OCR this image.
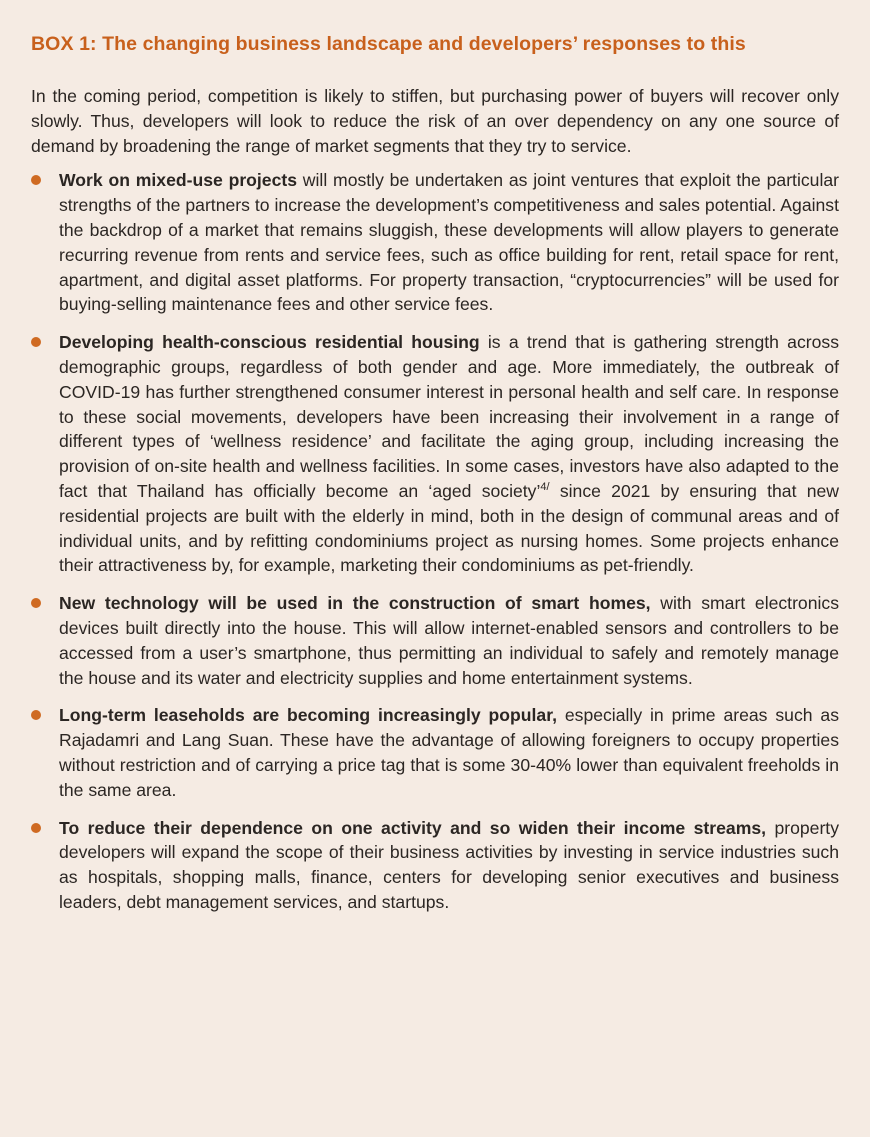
BOX 1: The changing business landscape and developers’ responses to this

In the coming period, competition is likely to stiffen, but purchasing power of buyers will recover only slowly. Thus, developers will look to reduce the risk of an over dependency on any one source of demand by broadening the range of market segments that they try to service.

Work on mixed-use projects will mostly be undertaken as joint ventures that exploit the particular strengths of the partners to increase the development’s competitiveness and sales potential. Against the backdrop of a market that remains sluggish, these developments will allow players to generate recurring revenue from rents and service fees, such as office building for rent, retail space for rent, apartment, and digital asset platforms. For property transaction, “cryptocurrencies” will be used for buying-selling maintenance fees and other service fees.
Developing health-conscious residential housing is a trend that is gathering strength across demographic groups, regardless of both gender and age. More immediately, the outbreak of COVID-19 has further strengthened consumer interest in personal health and self care. In response to these social movements, developers have been increasing their involvement in a range of different types of ‘wellness residence’ and facilitate the aging group, including increasing the provision of on-site health and wellness facilities. In some cases, investors have also adapted to the fact that Thailand has officially become an ‘aged society’$^{4/}$ since 2021 by ensuring that new residential projects are built with the elderly in mind, both in the design of communal areas and of individual units, and by refitting condominiums project as nursing homes. Some projects enhance their attractiveness by, for example, marketing their condominiums as pet-friendly.
New technology will be used in the construction of smart homes, with smart electronics devices built directly into the house. This will allow internet-enabled sensors and controllers to be accessed from a user’s smartphone, thus permitting an individual to safely and remotely manage the house and its water and electricity supplies and home entertainment systems.
Long-term leaseholds are becoming increasingly popular, especially in prime areas such as Rajadamri and Lang Suan. These have the advantage of allowing foreigners to occupy properties without restriction and of carrying a price tag that is some 30-40% lower than equivalent freeholds in the same area.
To reduce their dependence on one activity and so widen their income streams, property developers will expand the scope of their business activities by investing in service industries such as hospitals, shopping malls, finance, centers for developing senior executives and business leaders, debt management services, and startups.
